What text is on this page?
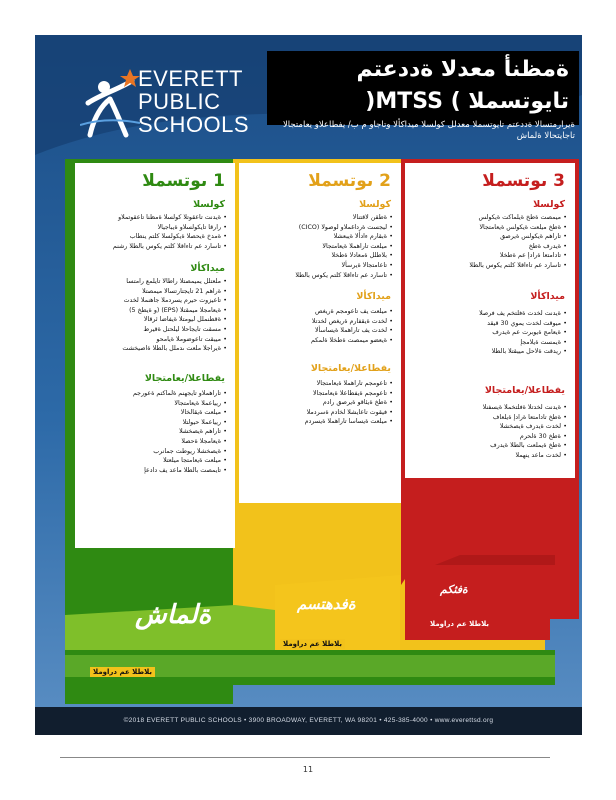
EVERETT
PUBLIC
SCHOOLS
ةمظنأ معدلا ةددعتم
تايوتسملا ) MTSS(
ةيرارمتسالا ةددعتم تايوتسملا معدلل كولسلا ميداكألا وتاجاو م ب/ يفطاعلاو يعامتجالا تاجايتحالا ةلماش
1 ىوتسملا
كولسلا
• ةيدنت تاعقوتلا كولسلا ةمظنا تاعقوتملاو
• رارقا تايكولسلاو ةيباجيالا
• ةمدخ ةيحصلا ةيكولسلا كلتم ينطاب
• تاسارد عم تاءاقلا كلتم يكوس بالطلا رشنم
ميداكألا
• ملعتلل يميمصتلا راطالا تايلمع رامتسا
• ةراهم 21 تايجتارتسالا ميمصتلا
• تاعيزوت حيرم يسردملا جاهنملا لخدت
• ةيعامجلا ميمقتلا (EPS) (و ةيطخ 5)
• ةقطنملل ليومتلا ةيفاضا ئرقالا
• مسقت تايجاحلا ليلحتل ةقيرط
• مييقت تاعوضوملا ةيامحو
• ةيراجلا ملعت ىدملل بالطلا ةاصيخشت
يفطاعلا/يعامتجالا
• تاراهملاو تايجهنم ةلماكتم ةعورجم
• ريياعملا ةيعامتجالا
• ميلعت ةيقالخالا
• ريياعملا حيولتلا
• تاراهم ةيصخشلا
• ةيعامجلا ةحصلا
• ةيصخشلا ريوطت جمانرب
• ميلعت ةيعامتجا ميلعتلا
• تايمصت بالطلا ماعد يف دادعإ
2 ىوتسملا
كولسلا
• ةطقن لاقتنالا
• ليجست ةرداغملاو لوصولا (CICO)
• ةبقارم ءادألا ةيبعشلا
• ميلعت تاراهملا ةيعامتجالا
• بلاطلل ةمعادلا ةطخلا
• تاعامتجالا ةيرسألا
• تاسارد عم تاءاقلا كلتم يكوس بالطلا
ميداكألا
• ميلعت يف تاعومجم ةريغص
• لخدت ةيقفارم ةريغص لخدتلا
• لخدت يف تاراهملا ةيساسألا
• ةيعضو ميمصت ةطخلا ةلمكم
يفطاعلا/يعامتجالا
• تاعومجم تاراهملا ةيعامتجالا
• تاعومجم ةيفطاعلا ةيعامتجالا
• ةطخ ةيئاقو ةيرصق رادم
• فيقوت تاعايشلا لخادم ةسردملا
• ميلعت ةيساسا تاراهملا ةيسردم
3 ىوتسملا
كولسلا
• ميمصت ةطخ ةيلماكت ةيكولس
• ةطخ ميلعت ةيكولس ةيعامتجالا
• تاراهم ةيكولس ةيرصق
• ةيدرف ةطخ
• تادامتعا ةرادإ عم ةطخلا
• تاسارد عم تاءاقلا كلتم يكوس بالطلا
ميداكألا
• ةيدنت لخدت ةفلتخم يف فرصلا
• ميوقت لخدت يموي 30 قيقد
• ةيعامج ةيوبرت عم ةيدرف
• ةيمست ةيلامجإ
• ريدقت ةلاحل مييقتلا بالطلا
يفطاعلا/يعامتجالا
• ةيدنت لخدتلا ةفلتخملا ةيسفنلا
• ةطخ تادامتعا ةرادإ ةيلعاف
• لخدت ةيدرف ةيصخشلا
• ةطخ 30 ةلحرم
• ةطخ ةيملعت بالطلا ةيدرف
• لخدت ماعد ينهملا
ةلماش	ةفدهتسم
ةفثكم
بلاطلا عم دراوملا
بلاطلا عم دراوملا
بلاطلا عم دراوملا
©2018 EVERETT PUBLIC SCHOOLS • 3900 BROADWAY, EVERETT, WA 98201 • 425-385-4000 • www.everettsd.org
11
